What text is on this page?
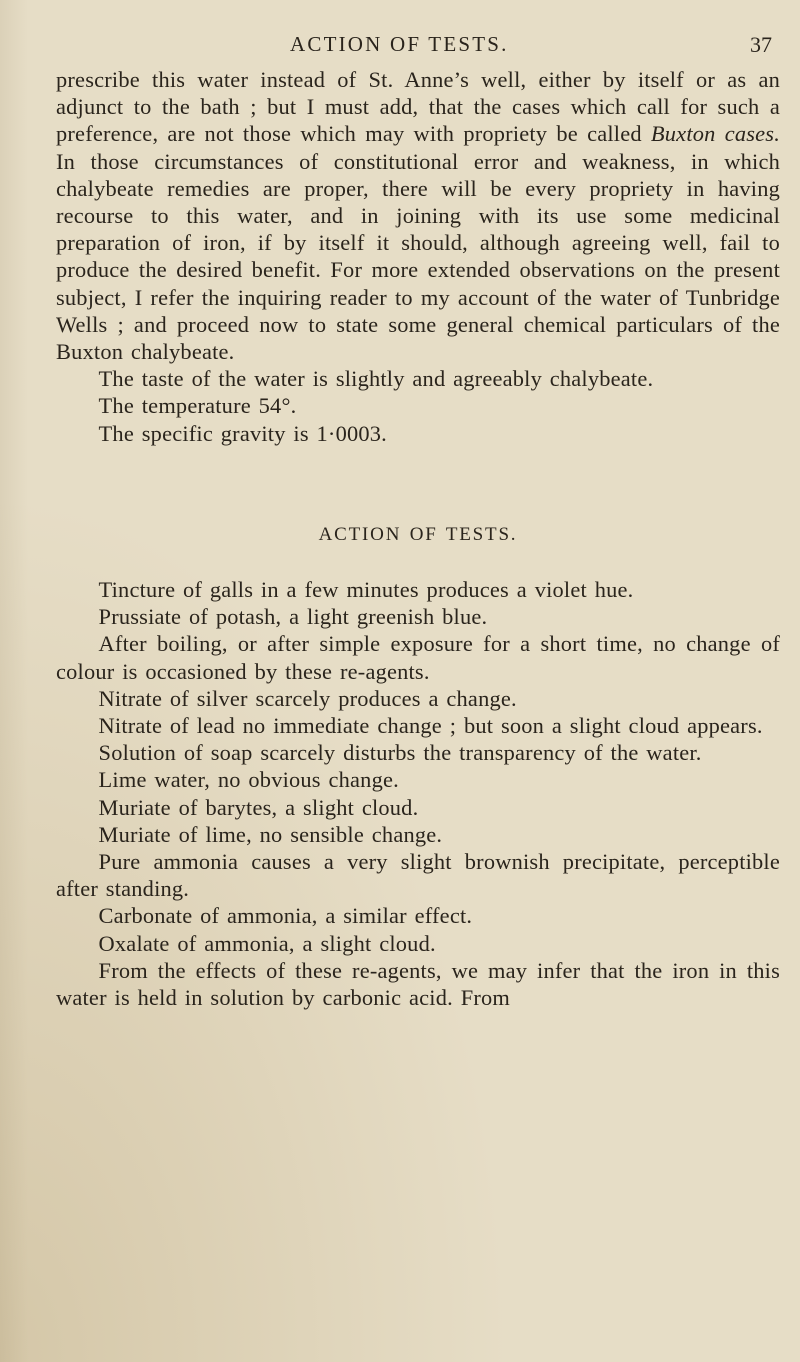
ACTION OF TESTS.	37

prescribe this water instead of St. Anne’s well, either by itself or as an adjunct to the bath ; but I must add, that the cases which call for such a preference, are not those which may with propriety be called Buxton cases. In those circumstances of constitutional error and weakness, in which chalybeate remedies are proper, there will be every propriety in having recourse to this water, and in joining with its use some medicinal preparation of iron, if by itself it should, although agreeing well, fail to produce the desired benefit. For more extended observations on the present subject, I refer the inquiring reader to my account of the water of Tunbridge Wells ; and proceed now to state some general chemical particulars of the Buxton chalybeate.

The taste of the water is slightly and agreeably chalybeate.

The temperature 54°.

The specific gravity is 1·0003.

ACTION OF TESTS.

Tincture of galls in a few minutes produces a violet hue.

Prussiate of potash, a light greenish blue.

After boiling, or after simple exposure for a short time, no change of colour is occasioned by these re-agents.

Nitrate of silver scarcely produces a change.

Nitrate of lead no immediate change ; but soon a slight cloud appears.

Solution of soap scarcely disturbs the transparency of the water.

Lime water, no obvious change.

Muriate of barytes, a slight cloud.

Muriate of lime, no sensible change.

Pure ammonia causes a very slight brownish precipitate, perceptible after standing.

Carbonate of ammonia, a similar effect.

Oxalate of ammonia, a slight cloud.

From the effects of these re-agents, we may infer that the iron in this water is held in solution by carbonic acid. From
